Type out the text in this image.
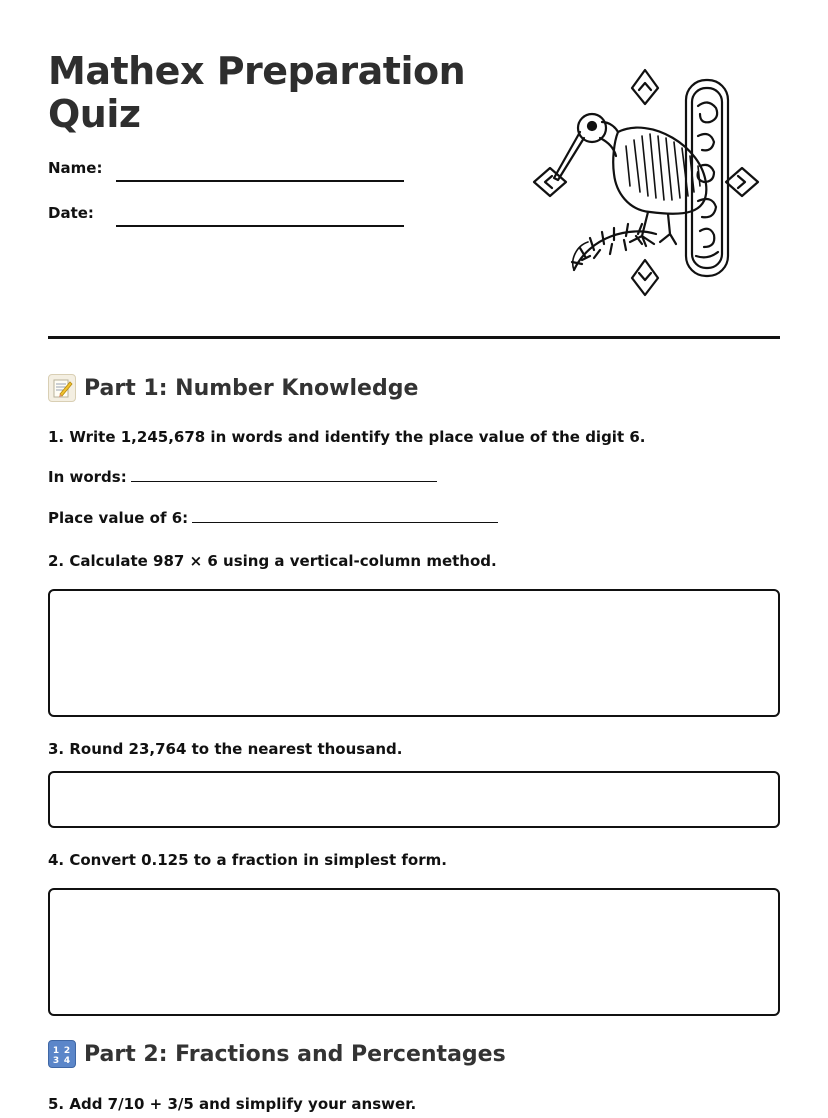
Mathex Preparation Quiz
Name:
Date:
Part 1: Number Knowledge

1. Write 1,245,678 in words and identify the place value of the digit 6.

In words:

Place value of 6:

2. Calculate 987 × 6 using a vertical-column method.

3. Round 23,764 to the nearest thousand.

4. Convert 0.125 to a fraction in simplest form.

1 2
3 4 Part 2: Fractions and Percentages

5. Add 7/10 + 3/5 and simplify your answer.
